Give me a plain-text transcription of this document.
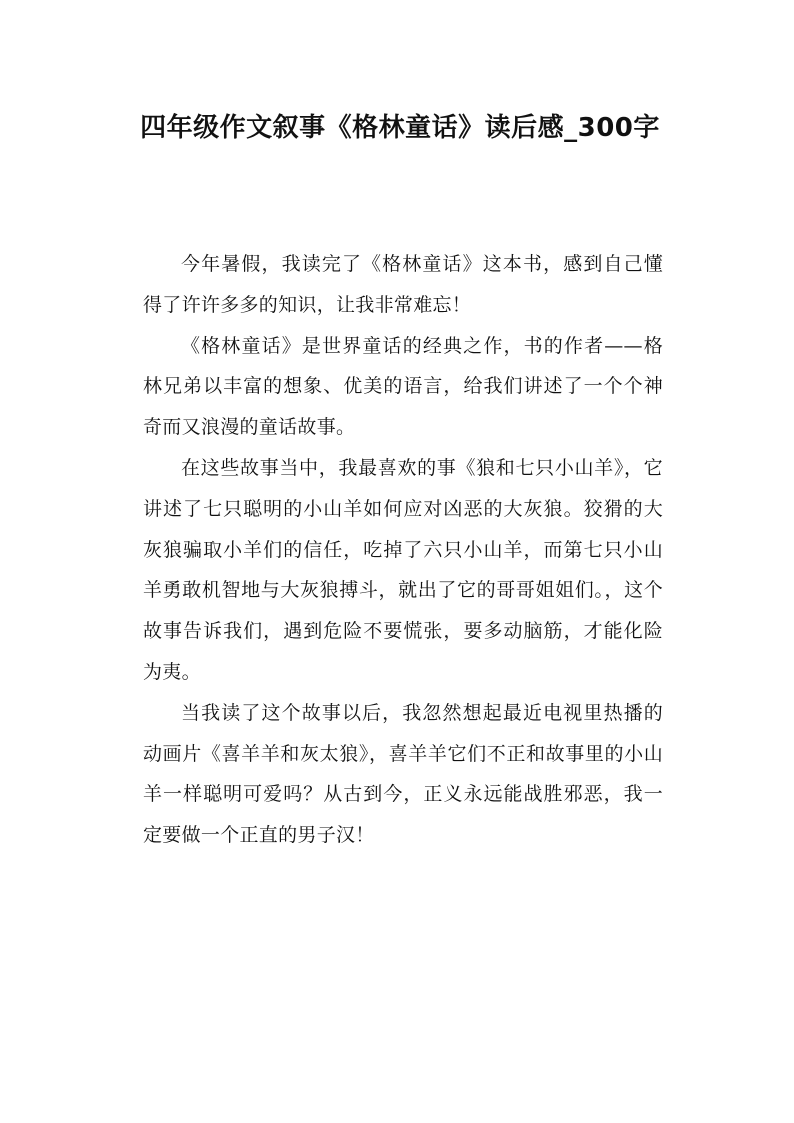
四年级作文叙事《格林童话》读后感_300字

今年暑假，我读完了《格林童话》这本书，感到自己懂得了许许多多的知识，让我非常难忘！

《格林童话》是世界童话的经典之作，书的作者——格林兄弟以丰富的想象、优美的语言，给我们讲述了一个个神奇而又浪漫的童话故事。

在这些故事当中，我最喜欢的事《狼和七只小山羊》，它讲述了七只聪明的小山羊如何应对凶恶的大灰狼。狡猾的大灰狼骗取小羊们的信任，吃掉了六只小山羊，而第七只小山羊勇敢机智地与大灰狼搏斗，就出了它的哥哥姐姐们。，这个故事告诉我们，遇到危险不要慌张，要多动脑筋，才能化险为夷。

当我读了这个故事以后，我忽然想起最近电视里热播的动画片《喜羊羊和灰太狼》，喜羊羊它们不正和故事里的小山羊一样聪明可爱吗？从古到今，正义永远能战胜邪恶，我一定要做一个正直的男子汉！
